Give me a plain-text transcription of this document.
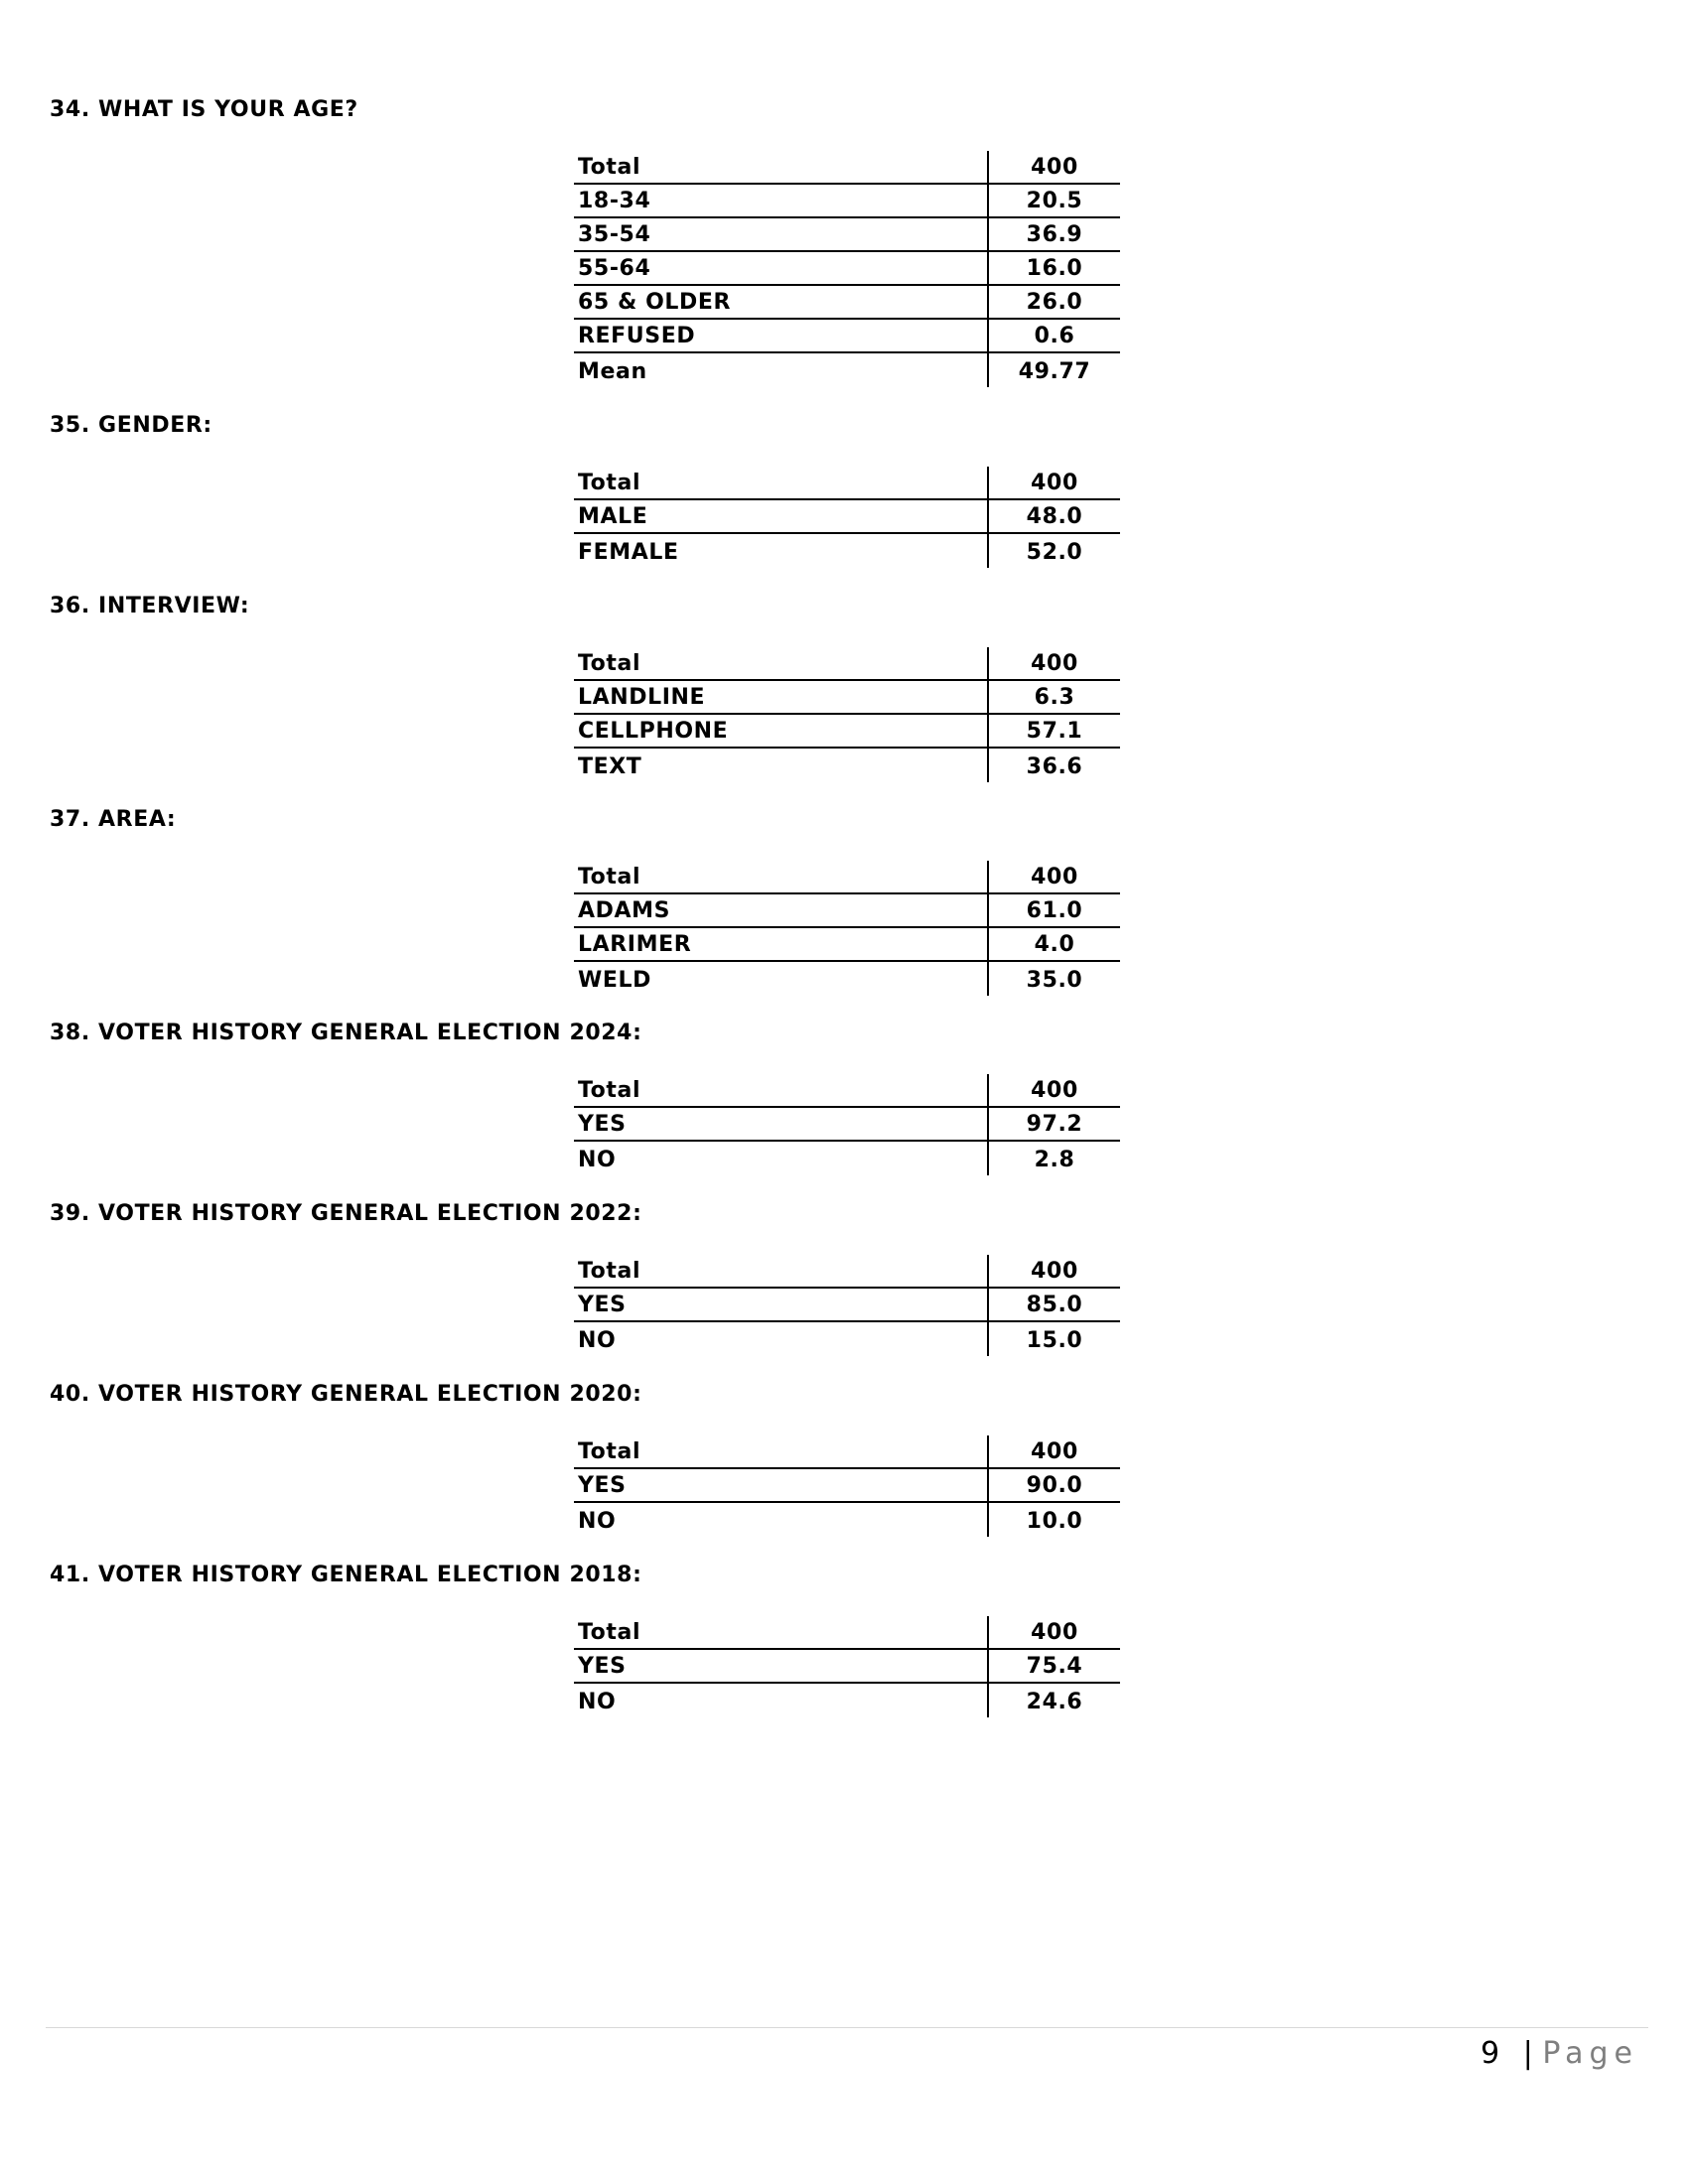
34. WHAT IS YOUR AGE?
Total	400
18-34	20.5
35-54	36.9
55-64	16.0
65 & OLDER	26.0
REFUSED	0.6
Mean	49.77
35. GENDER:
Total	400
MALE	48.0
FEMALE	52.0
36. INTERVIEW:
Total	400
LANDLINE	6.3
CELLPHONE	57.1
TEXT	36.6
37. AREA:
Total	400
ADAMS	61.0
LARIMER	4.0
WELD	35.0
38. VOTER HISTORY GENERAL ELECTION 2024:
Total	400
YES	97.2
NO	2.8
39. VOTER HISTORY GENERAL ELECTION 2022:
Total	400
YES	85.0
NO	15.0
40. VOTER HISTORY GENERAL ELECTION 2020:
Total	400
YES	90.0
NO	10.0
41. VOTER HISTORY GENERAL ELECTION 2018:
Total	400
YES	75.4
NO	24.6
9 | Page
